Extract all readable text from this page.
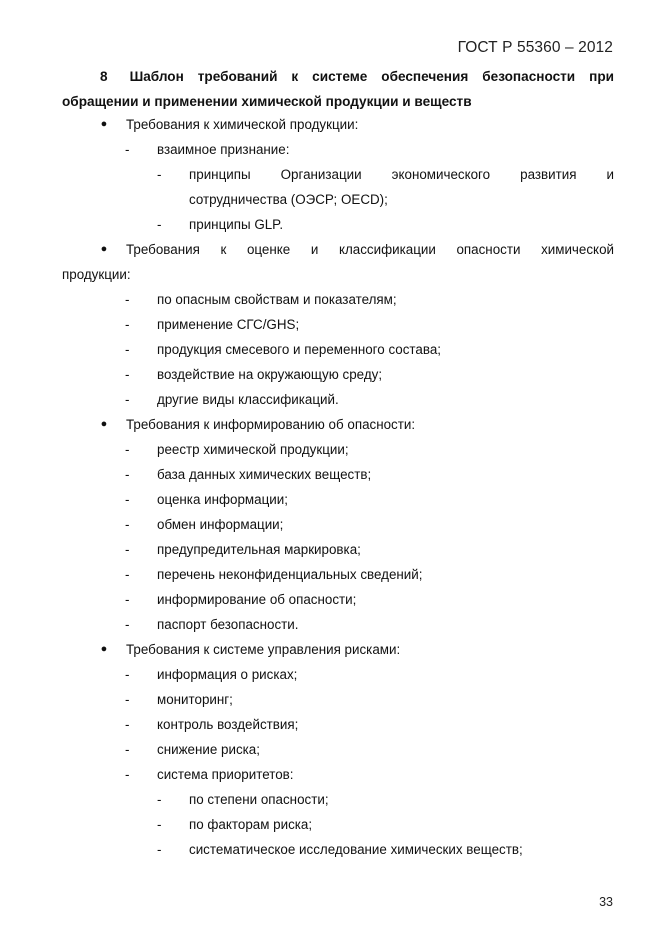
ГОСТ Р 55360 – 2012
8 Шаблон требований к системе обеспечения безопасности при
обращении и применении химической продукции и веществ
● Требования к химической продукции:
- взаимное признание:
- принципы Организации экономического развития и
сотрудничества (ОЭСР; OECD);
- принципы GLP.
● Требования к оценке и классификации опасности химической
продукции:
- по опасным свойствам и показателям;
- применение СГС/GHS;
- продукция смесевого и переменного состава;
- воздействие на окружающую среду;
- другие виды классификаций.
● Требования к информированию об опасности:
- реестр химической продукции;
- база данных химических веществ;
- оценка информации;
- обмен информации;
- предупредительная маркировка;
- перечень неконфиденциальных сведений;
- информирование об опасности;
- паспорт безопасности.
● Требования к системе управления рисками:
- информация о рисках;
- мониторинг;
- контроль воздействия;
- снижение риска;
- система приоритетов:
- по степени опасности;
- по факторам риска;
- систематическое исследование химических веществ;
33
